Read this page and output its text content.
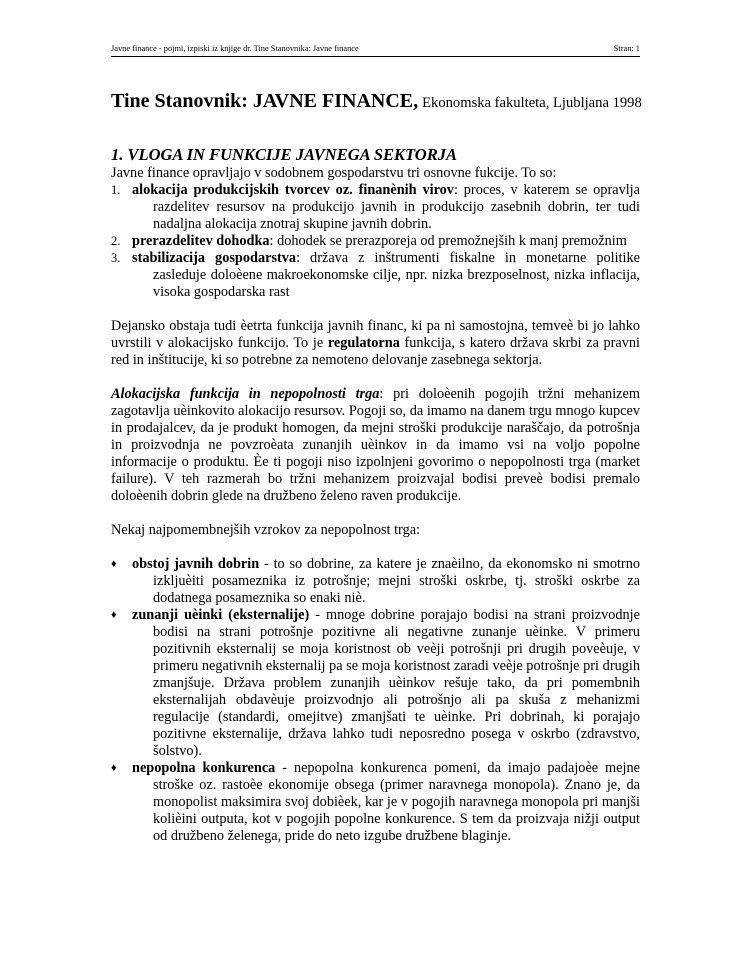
Javne finance - pojmi, izpiski iz knjige dr. Tine Stanovnika: Javne finance	Stran: 1
Tine Stanovnik: JAVNE FINANCE, Ekonomska fakulteta, Ljubljana 1998
1. VLOGA IN FUNKCIJE JAVNEGA SEKTORJA

Javne finance opravljajo v sodobnem gospodarstvu tri osnovne fukcije. To so:

1. alokacija produkcijskih tvorcev oz. finanènih virov: proces, v katerem se opravlja razdelitev resursov na produkcijo javnih in produkcijo zasebnih dobrin, ter tudi nadaljna alokacija znotraj skupine javnih dobrin.
2. prerazdelitev dohodka: dohodek se prerazporeja od premožnejših k manj premožnim
3. stabilizacija gospodarstva: država z inštrumenti fiskalne in monetarne politike zasleduje doloèene makroekonomske cilje, npr. nizka brezposelnost, nizka inflacija, visoka gospodarska rast

Dejansko obstaja tudi èetrta funkcija javnih financ, ki pa ni samostojna, temveè bi jo lahko uvrstili v alokacijsko funkcijo. To je regulatorna funkcija, s katero država skrbi za pravni red in inštitucije, ki so potrebne za nemoteno delovanje zasebnega sektorja.

Alokacijska funkcija in nepopolnosti trga: pri doloèenih pogojih tržni mehanizem zagotavlja uèinkovito alokacijo resursov. Pogoji so, da imamo na danem trgu mnogo kupcev in prodajalcev, da je produkt homogen, da mejni stroški produkcije naraščajo, da potrošnja in proizvodnja ne povzroèata zunanjih uèinkov in da imamo vsi na voljo popolne informacije o produktu. Èe ti pogoji niso izpolnjeni govorimo o nepopolnosti trga (market failure). V teh razmerah bo tržni mehanizem proizvajal bodisi preveè bodisi premalo doloèenih dobrin glede na družbeno želeno raven produkcije.

Nekaj najpomembnejših vzrokov za nepopolnost trga:

♦ obstoj javnih dobrin - to so dobrine, za katere je znaèilno, da ekonomsko ni smotrno izkljuèiti posameznika iz potrošnje; mejni stroški oskrbe, tj. stroški oskrbe za dodatnega posameznika so enaki niè.
♦ zunanji uèinki (eksternalije) - mnoge dobrine porajajo bodisi na strani proizvodnje bodisi na strani potrošnje pozitivne ali negativne zunanje uèinke. V primeru pozitivnih eksternalij se moja koristnost ob veèji potrošnji pri drugih poveèuje, v primeru negativnih eksternalij pa se moja koristnost zaradi veèje potrošnje pri drugih zmanjšuje. Država problem zunanjih uèinkov rešuje tako, da pri pomembnih eksternalijah obdavèuje proizvodnjo ali potrošnjo ali pa skuša z mehanizmi regulacije (standardi, omejitve) zmanjšati te uèinke. Pri dobrinah, ki porajajo pozitivne eksternalije, država lahko tudi neposredno posega v oskrbo (zdravstvo, šolstvo).
♦ nepopolna konkurenca - nepopolna konkurenca pomeni, da imajo padajoèe mejne stroške oz. rastoèe ekonomije obsega (primer naravnega monopola). Znano je, da monopolist maksimira svoj dobièek, kar je v pogojih naravnega monopola pri manjši kolièini outputa, kot v pogojih popolne konkurence. S tem da proizvaja nižji output od družbeno želenega, pride do neto izgube družbene blaginje.
